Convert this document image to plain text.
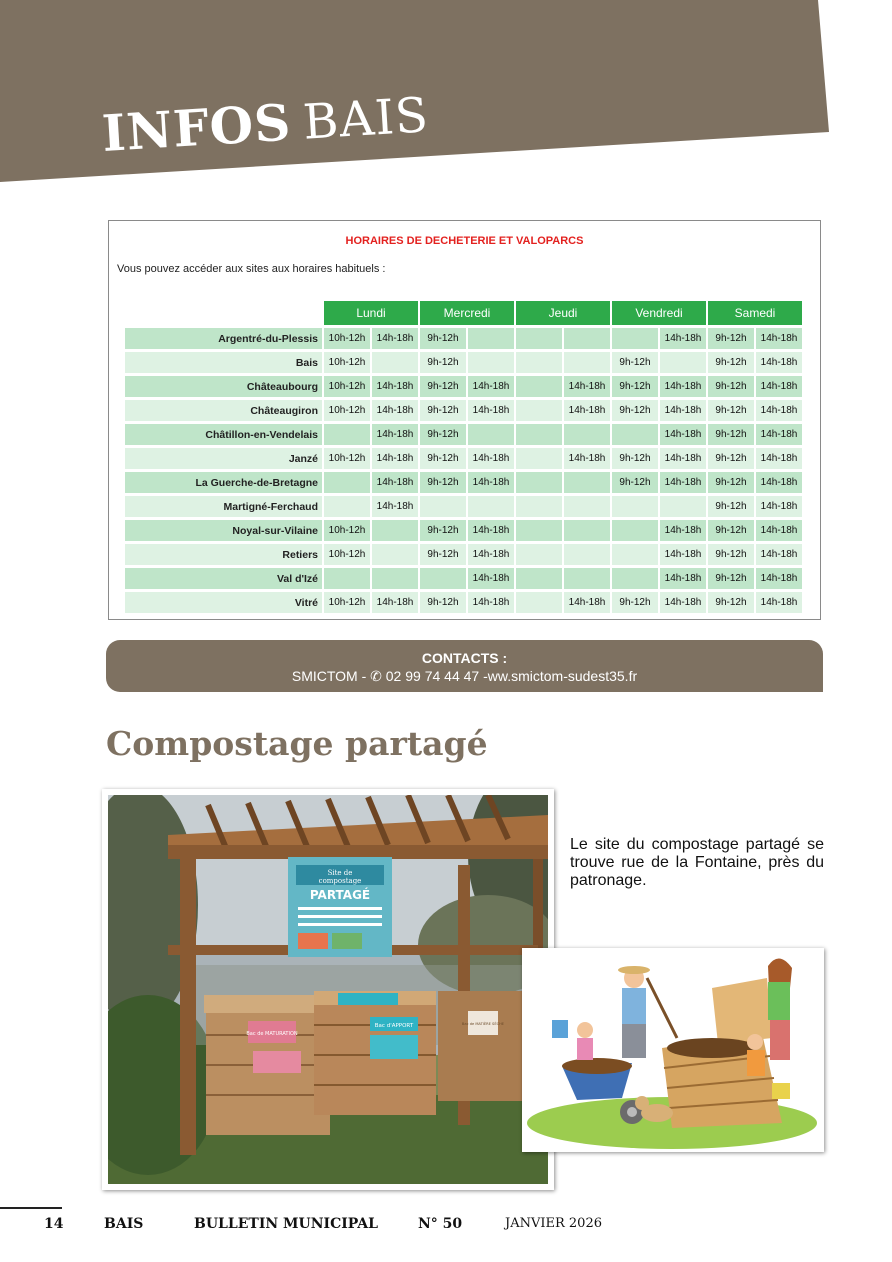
INFOS BAIS
HORAIRES DE DECHETERIE ET VALOPARCS
Vous pouvez accéder aux sites aux horaires habituels :
	Lundi		Mercredi		Jeudi		Vendredi		Samedi	
Argentré-du-Plessis	10h-12h	14h-18h	9h-12h					14h-18h	9h-12h	14h-18h
Bais	10h-12h		9h-12h				9h-12h		9h-12h	14h-18h
Châteaubourg	10h-12h	14h-18h	9h-12h	14h-18h		14h-18h	9h-12h	14h-18h	9h-12h	14h-18h
Châteaugiron	10h-12h	14h-18h	9h-12h	14h-18h		14h-18h	9h-12h	14h-18h	9h-12h	14h-18h
Châtillon-en-Vendelais		14h-18h	9h-12h					14h-18h	9h-12h	14h-18h
Janzé	10h-12h	14h-18h	9h-12h	14h-18h		14h-18h	9h-12h	14h-18h	9h-12h	14h-18h
La Guerche-de-Bretagne		14h-18h	9h-12h	14h-18h			9h-12h	14h-18h	9h-12h	14h-18h
Martigné-Ferchaud		14h-18h							9h-12h	14h-18h
Noyal-sur-Vilaine	10h-12h		9h-12h	14h-18h				14h-18h	9h-12h	14h-18h
Retiers	10h-12h		9h-12h	14h-18h				14h-18h	9h-12h	14h-18h
Val d'Izé				14h-18h				14h-18h	9h-12h	14h-18h
Vitré	10h-12h	14h-18h	9h-12h	14h-18h		14h-18h	9h-12h	14h-18h	9h-12h	14h-18h
CONTACTS :
SMICTOM - ✆ 02 99 74 44 47 -ww.smictom-sudest35.fr
Compostage partagé
Site de
compostage
PARTAGÉ
Bac de MATURATION
Bac d'APPORT	Bac de MATIÈRE SÈCHE
Le site du compostage partagé se trouve rue de la Fontaine, près du patronage.
14	BAIS	BULLETIN MUNICIPAL	N° 50	JANVIER 2026
